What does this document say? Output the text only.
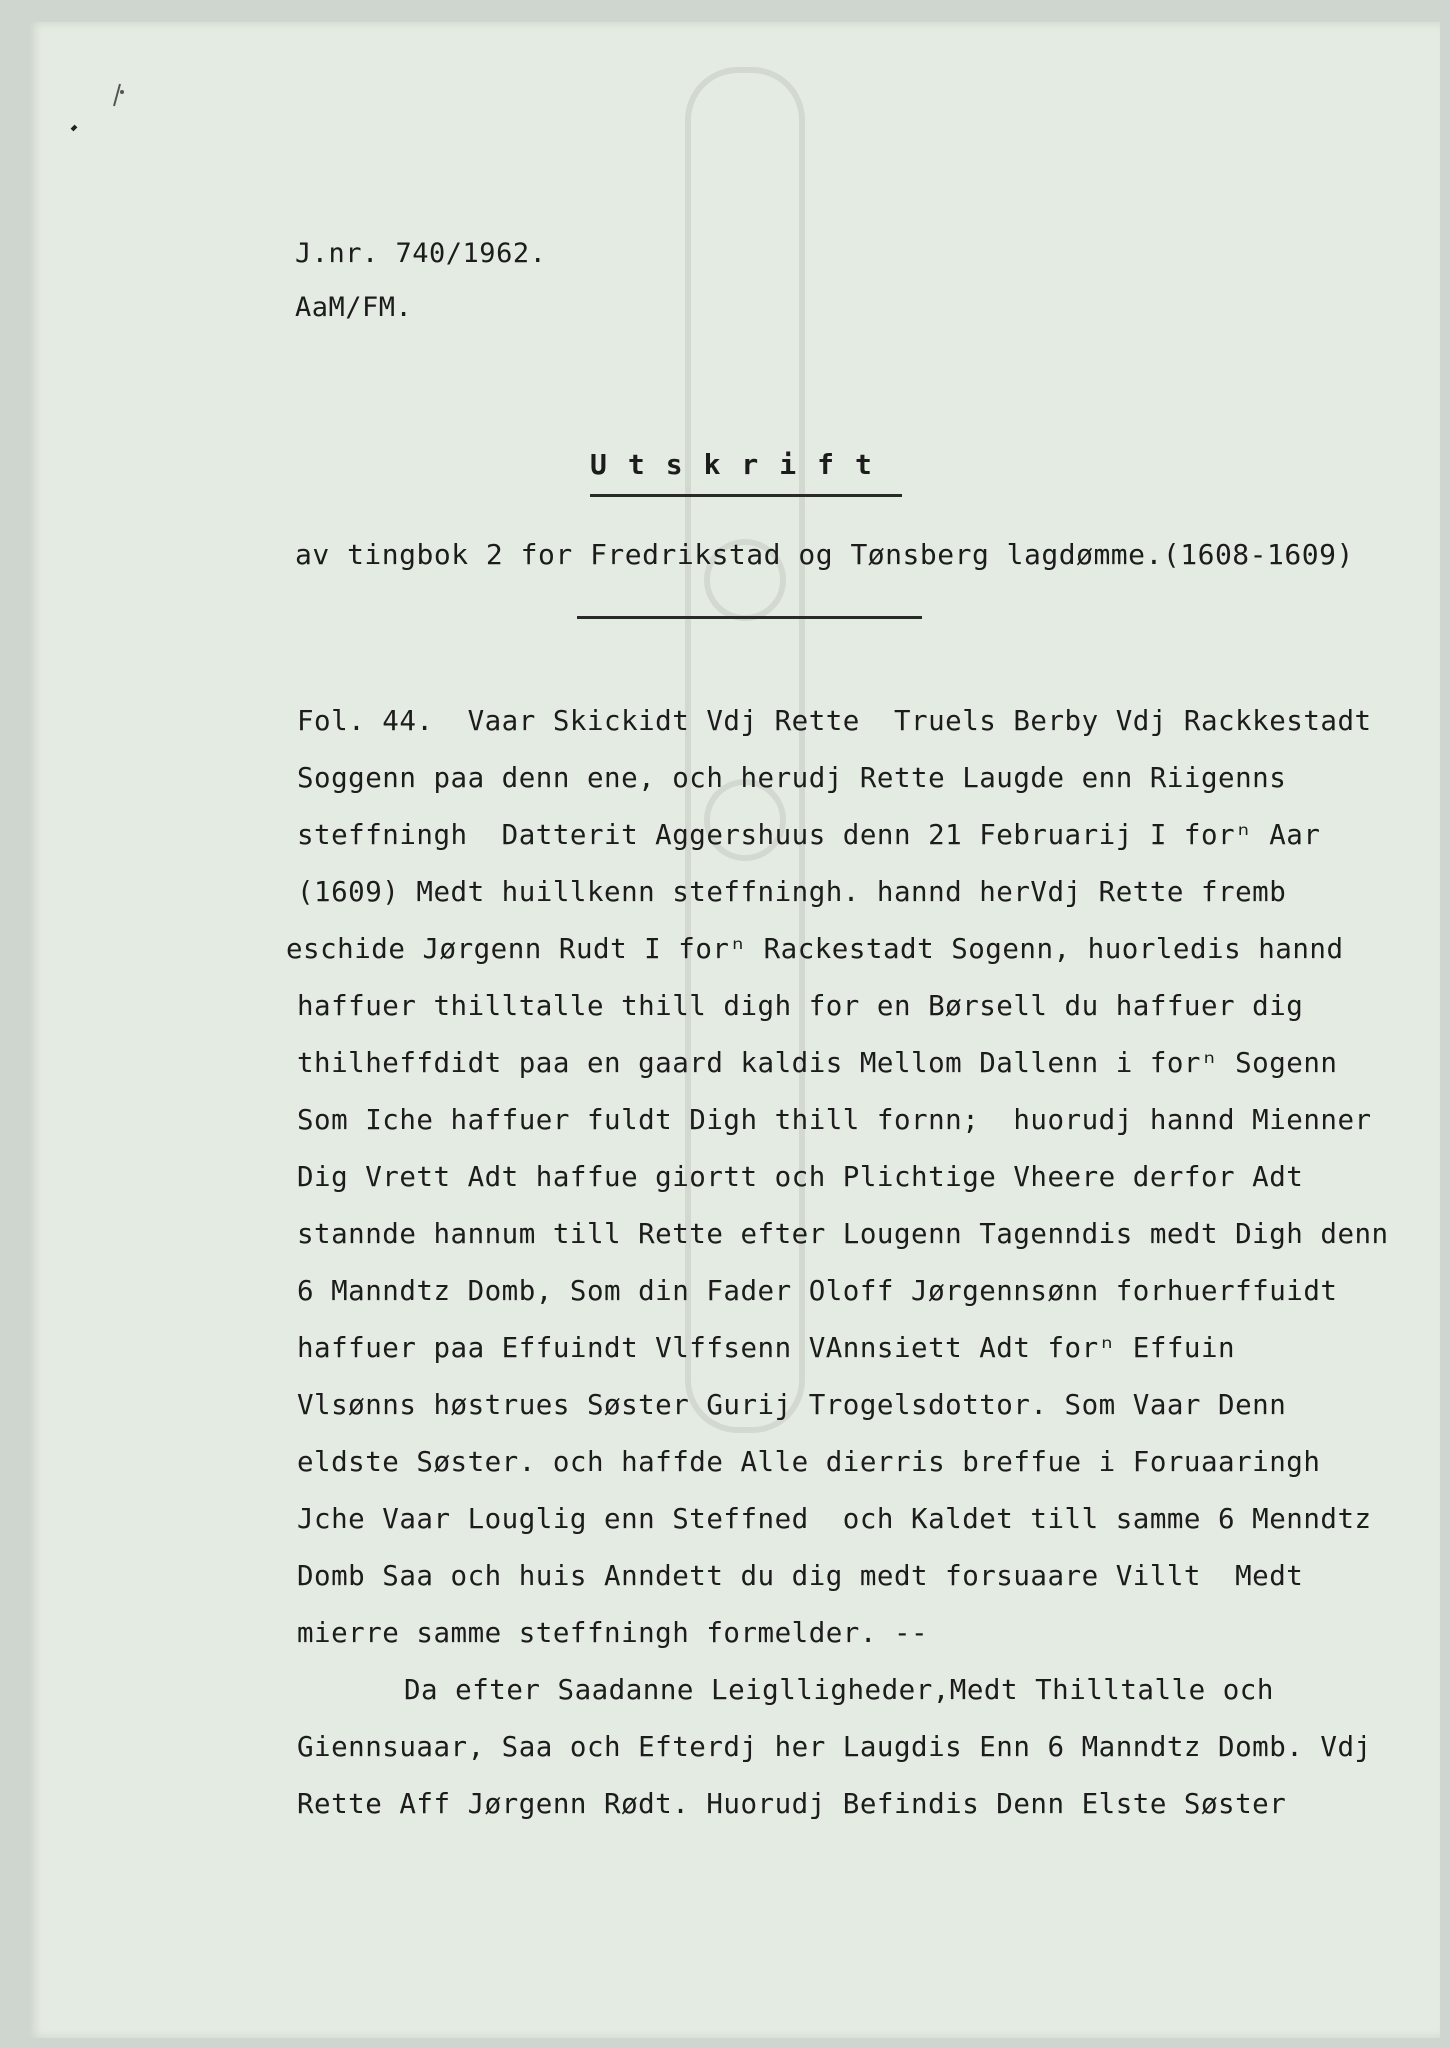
J.nr. 740/1962.
AaM/FM.
Utskrift
av tingbok 2 for Fredrikstad og Tønsberg lagdømme.(1608-1609)
Fol. 44.  Vaar Skickidt Vdj Rette  Truels Berby Vdj Rackkestadt
Soggenn paa denn ene, och herudj Rette Laugde enn Riigenns
steffningh  Datterit Aggershuus denn 21 Februarij I forⁿ Aar
(1609) Medt huillkenn steffningh. hannd herVdj Rette fremb
eschide Jørgenn Rudt I forⁿ Rackestadt Sogenn, huorledis hannd
haffuer thilltalle thill digh for en Børsell du haffuer dig
thilheffdidt paa en gaard kaldis Mellom Dallenn i forⁿ Sogenn
Som Iche haffuer fuldt Digh thill fornn;  huorudj hannd Mienner
Dig Vrett Adt haffue giortt och Plichtige Vheere derfor Adt
stannde hannum till Rette efter Lougenn Tagenndis medt Digh denn
6 Manndtz Domb, Som din Fader Oloff Jørgennsønn forhuerffuidt
haffuer paa Effuindt Vlffsenn VAnnsiett Adt forⁿ Effuin
Vlsønns høstrues Søster Gurij Trogelsdottor. Som Vaar Denn
eldste Søster. och haffde Alle dierris breffue i Foruaaringh
Jche Vaar Louglig enn Steffned  och Kaldet till samme 6 Menndtz
Domb Saa och huis Anndett du dig medt forsuaare Villt  Medt
mierre samme steffningh formelder. --
Da efter Saadanne Leiglligheder,Medt Thilltalle och
Giennsuaar, Saa och Efterdj her Laugdis Enn 6 Manndtz Domb. Vdj
Rette Aff Jørgenn Rødt. Huorudj Befindis Denn Elste Søster
